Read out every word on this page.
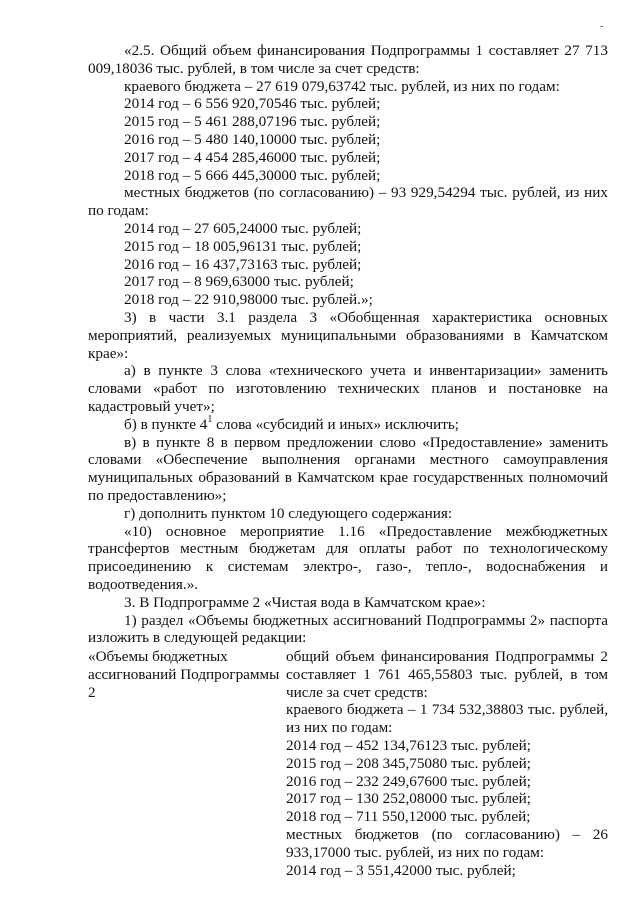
-

«2.5. Общий объем финансирования Подпрограммы 1 составляет 27 713 009,18036 тыс. рублей, в том числе за счет средств:

краевого бюджета – 27 619 079,63742 тыс. рублей, из них по годам:

2014 год – 6 556 920,70546 тыс. рублей;

2015 год – 5 461 288,07196 тыс. рублей;

2016 год – 5 480 140,10000 тыс. рублей;

2017 год – 4 454 285,46000 тыс. рублей;

2018 год – 5 666 445,30000 тыс. рублей;

местных бюджетов (по согласованию) – 93 929,54294 тыс. рублей, из них по годам:

2014 год – 27 605,24000 тыс. рублей;

2015 год – 18 005,96131 тыс. рублей;

2016 год – 16 437,73163 тыс. рублей;

2017 год – 8 969,63000 тыс. рублей;

2018 год – 22 910,98000 тыс. рублей.»;

3) в части 3.1 раздела 3 «Обобщенная характеристика основных мероприятий, реализуемых муниципальными образованиями в Камчатском крае»:

а) в пункте 3 слова «технического учета и инвентаризации» заменить словами «работ по изготовлению технических планов и постановке на кадастровый учет»;

б) в пункте $4^1$ слова «субсидий и иных» исключить;

в) в пункте 8 в первом предложении слово «Предоставление» заменить словами «Обеспечение выполнения органами местного самоуправления муниципальных образований в Камчатском крае государственных полномочий по предоставлению»;

г) дополнить пунктом 10 следующего содержания:

«10) основное мероприятие 1.16 «Предоставление межбюджетных трансфертов местным бюджетам для оплаты работ по технологическому присоединению к системам электро-, газо-, тепло-, водоснабжения и водоотведения.».

3. В Подпрограмме 2 «Чистая вода в Камчатском крае»:

1) раздел «Объемы бюджетных ассигнований Подпрограммы 2» паспорта изложить в следующей редакции:

«Объемы бюджетных

ассигнований Подпрограммы 2

общий объем финансирования Подпрограммы 2 составляет 1 761 465,55803 тыс. рублей, в том числе за счет средств:

краевого бюджета – 1 734 532,38803 тыс. рублей, из них по годам:

2014 год – 452 134,76123 тыс. рублей;

2015 год – 208 345,75080 тыс. рублей;

2016 год – 232 249,67600 тыс. рублей;

2017 год – 130 252,08000 тыс. рублей;

2018 год – 711 550,12000 тыс. рублей;

местных бюджетов (по согласованию) – 26 933,17000 тыс. рублей, из них по годам:

2014 год – 3 551,42000 тыс. рублей;
